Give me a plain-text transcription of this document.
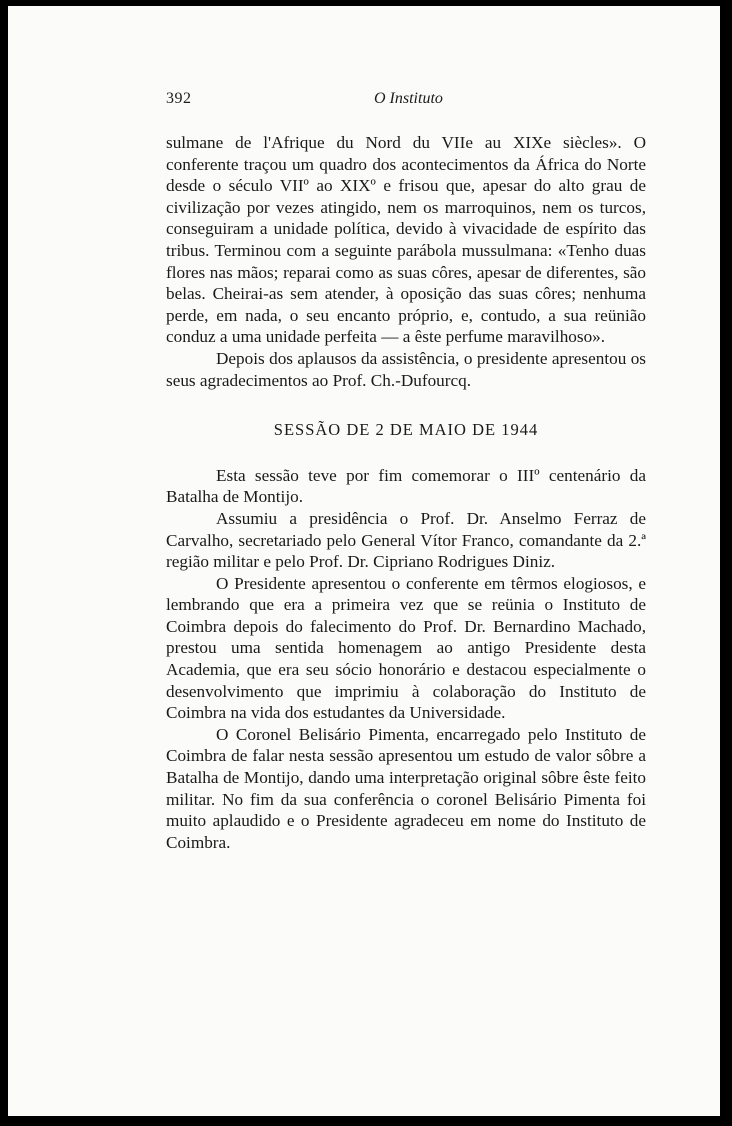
392	O Instituto

sulmane de l'Afrique du Nord du VIIe au XIXe siècles». O conferente traçou um quadro dos acontecimentos da África do Norte desde o século VIIº ao XIXº e frisou que, apesar do alto grau de civilização por vezes atingido, nem os marroquinos, nem os turcos, conseguiram a unidade política, devido à vivacidade de espírito das tribus. Terminou com a seguinte parábola mussulmana: «Tenho duas flores nas mãos; reparai como as suas côres, apesar de diferentes, são belas. Cheirai-as sem atender, à oposição das suas côres; nenhuma perde, em nada, o seu encanto próprio, e, contudo, a sua reünião conduz a uma unidade perfeita — a êste perfume maravilhoso».

Depois dos aplausos da assistência, o presidente apresentou os seus agradecimentos ao Prof. Ch.-Dufourcq.

SESSÃO DE 2 DE MAIO DE 1944

Esta sessão teve por fim comemorar o IIIº centenário da Batalha de Montijo.

Assumiu a presidência o Prof. Dr. Anselmo Ferraz de Carvalho, secretariado pelo General Vítor Franco, comandante da 2.ª região militar e pelo Prof. Dr. Cipriano Rodrigues Diniz.

O Presidente apresentou o conferente em têrmos elogiosos, e lembrando que era a primeira vez que se reünia o Instituto de Coimbra depois do falecimento do Prof. Dr. Bernardino Machado, prestou uma sentida homenagem ao antigo Presidente desta Academia, que era seu sócio honorário e destacou especialmente o desenvolvimento que imprimiu à colaboração do Instituto de Coimbra na vida dos estudantes da Universidade.

O Coronel Belisário Pimenta, encarregado pelo Instituto de Coimbra de falar nesta sessão apresentou um estudo de valor sôbre a Batalha de Montijo, dando uma interpretação original sôbre êste feito militar. No fim da sua conferência o coronel Belisário Pimenta foi muito aplaudido e o Presidente agradeceu em nome do Instituto de Coimbra.
